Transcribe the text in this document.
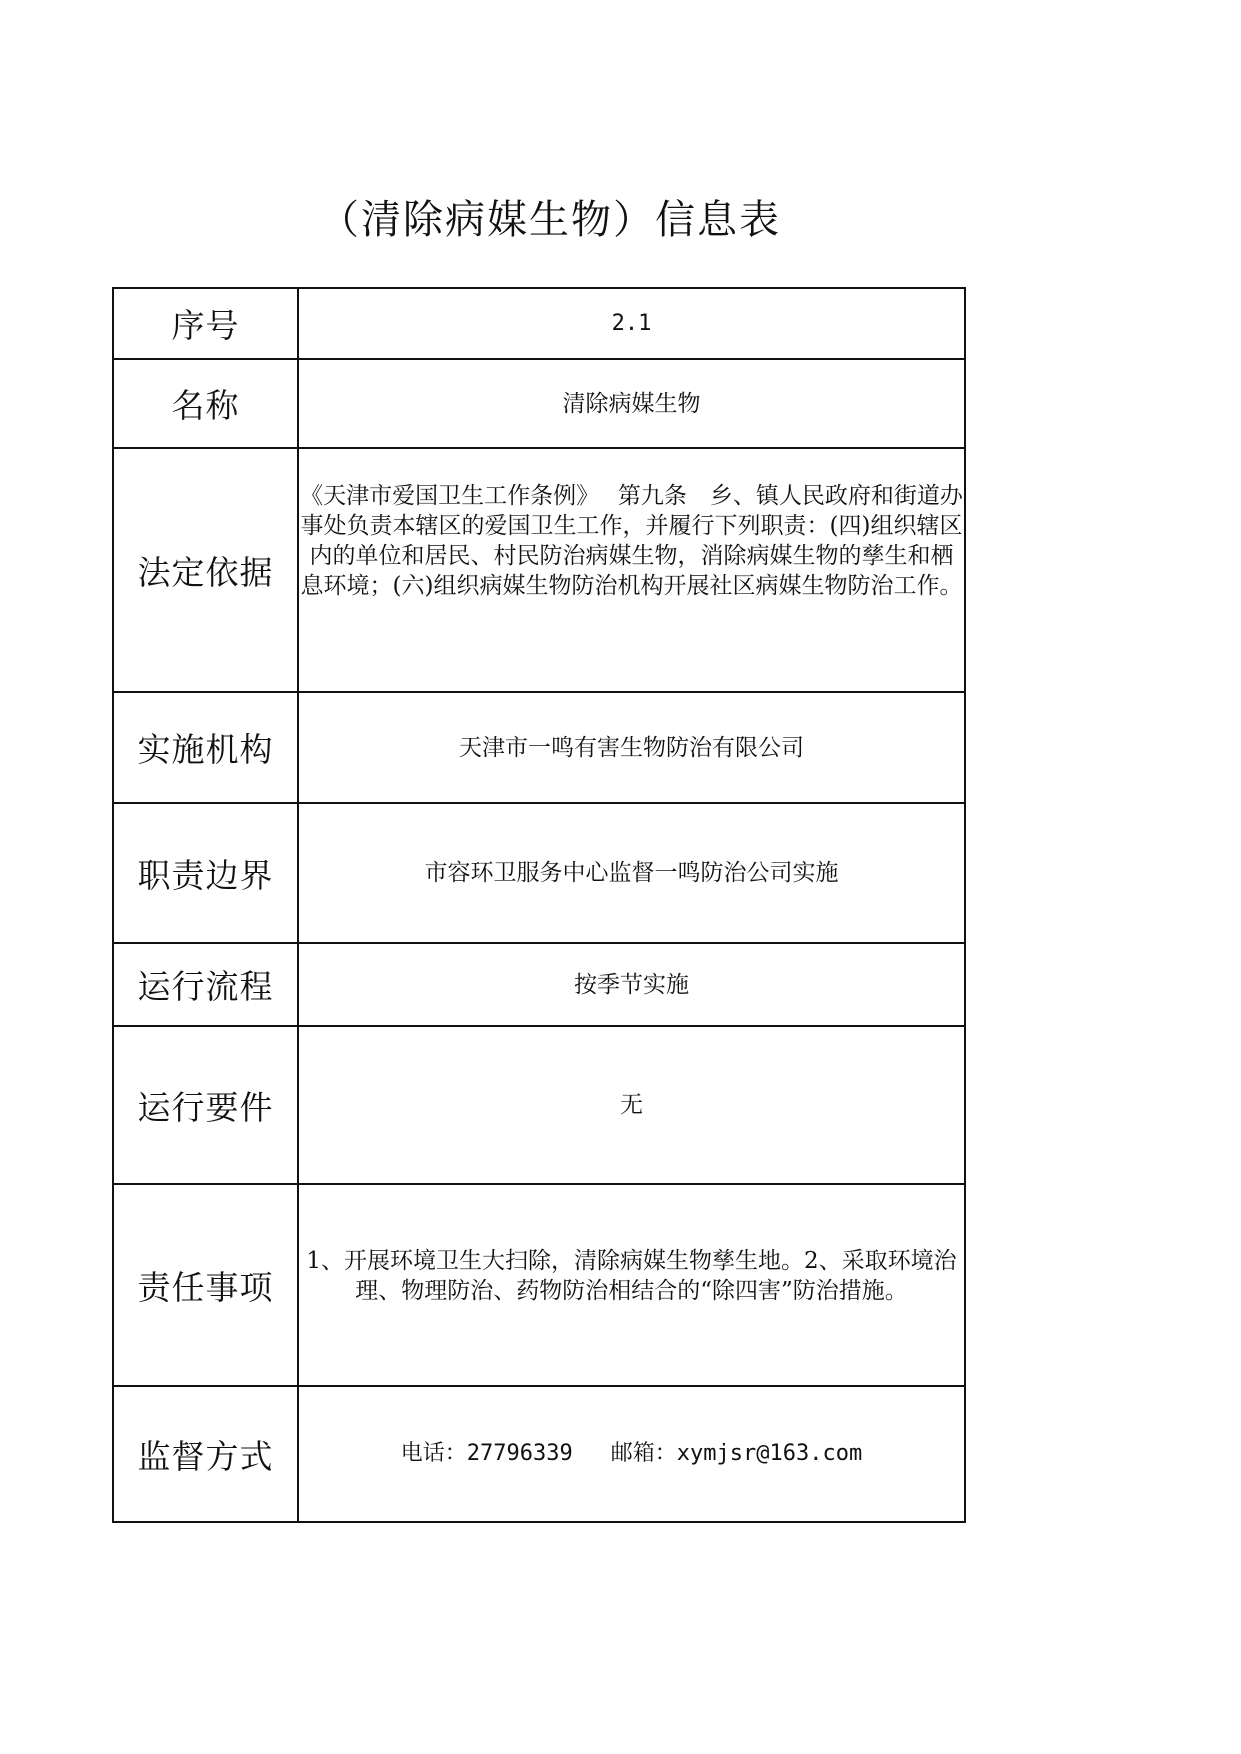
（清除病媒生物）信息表
序号	2.1
名称	清除病媒生物
法定依据	《天津市爱国卫生工作条例》　 第九条　乡、镇人民政府和街道办事处负责本辖区的爱国卫生工作，并履行下列职责：(四)组织辖区内的单位和居民、村民防治病媒生物，消除病媒生物的孳生和栖息环境；(六)组织病媒生物防治机构开展社区病媒生物防治工作。

实施机构	天津市一鸣有害生物防治有限公司
职责边界	市容环卫服务中心监督一鸣防治公司实施
运行流程	按季节实施
运行要件	无
责任事项	1、开展环境卫生大扫除，清除病媒生物孳生地。2、采取环境治理、物理防治、药物防治相结合的“除四害”防治措施。

监督方式	电话：27796339 邮箱：xymjsr@163.com
